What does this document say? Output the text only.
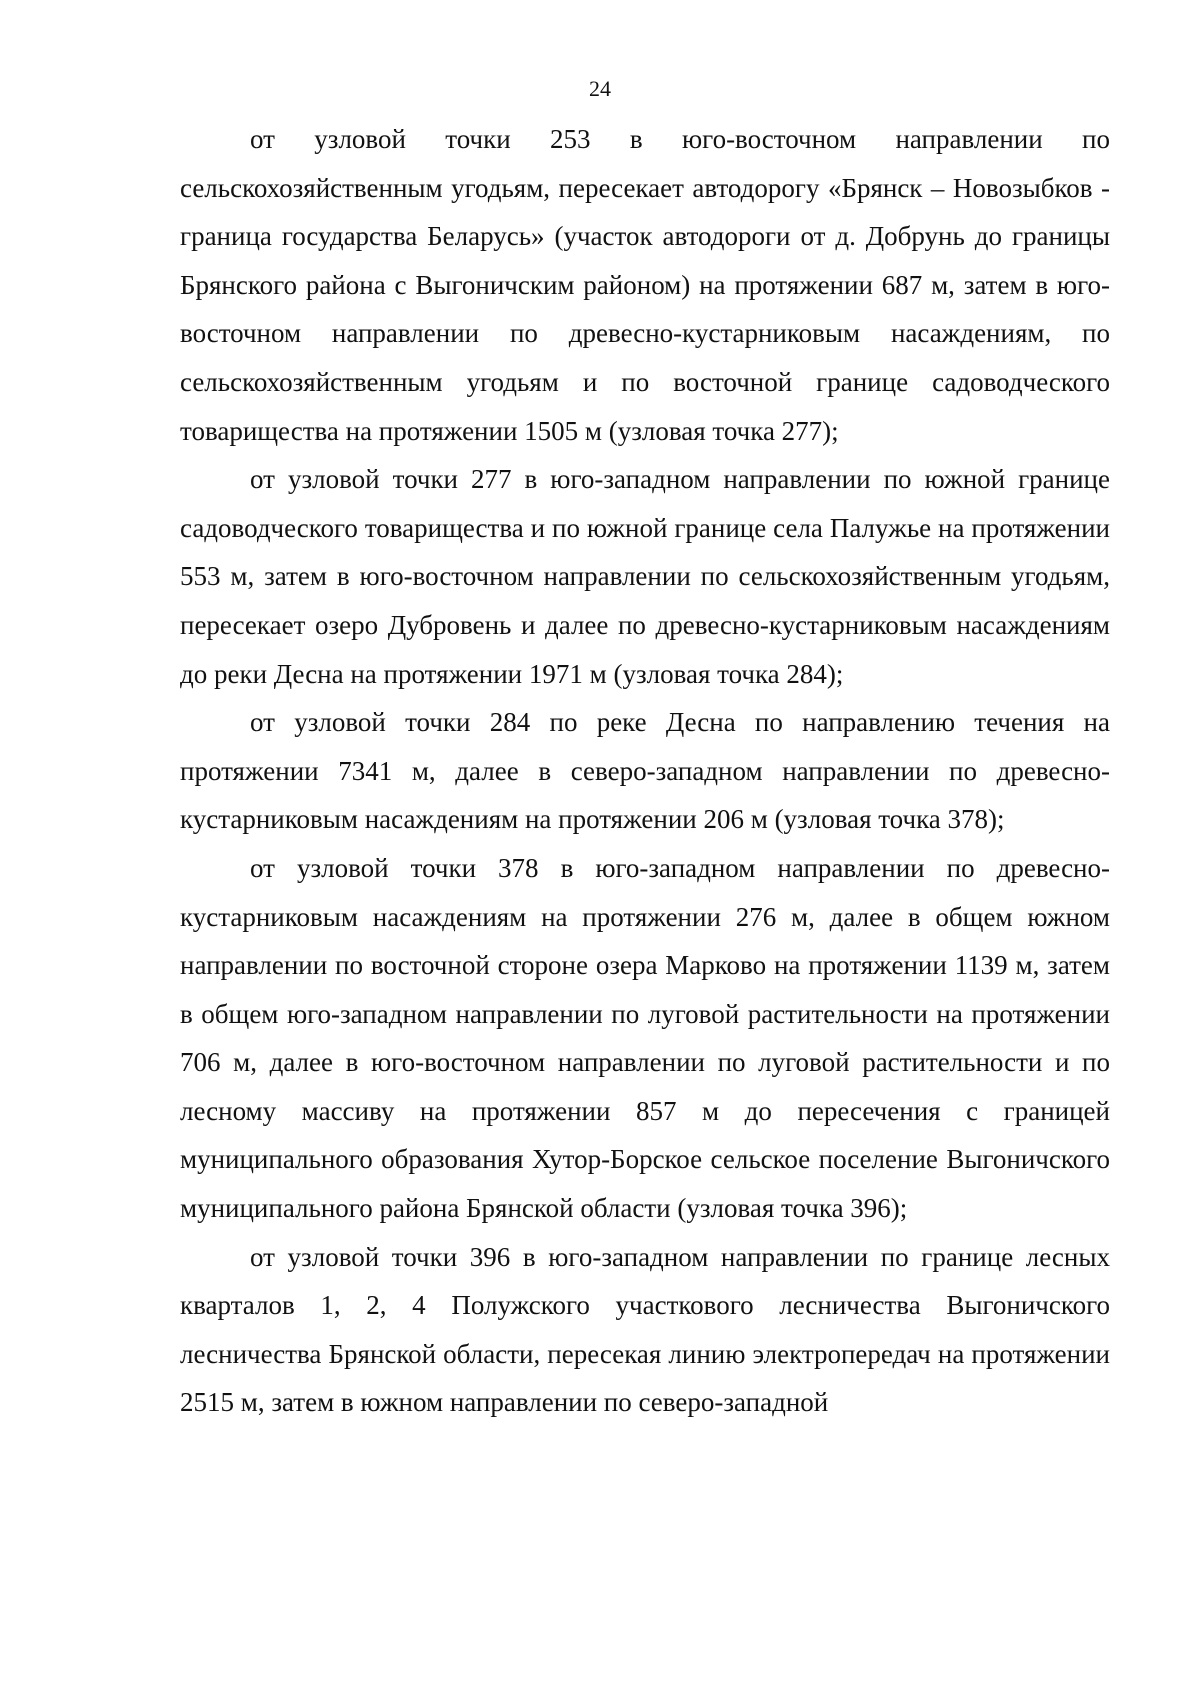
24

от узловой точки 253 в юго-восточном направлении по сельскохозяйственным угодьям, пересекает автодорогу «Брянск – Новозыбков - граница государства Беларусь» (участок автодороги от д. Добрунь до границы Брянского района с Выгоничским районом) на протяжении 687 м, затем в юго-восточном направлении по древесно-кустарниковым насаждениям, по сельскохозяйственным угодьям и по восточной границе садоводческого товарищества на протяжении 1505 м (узловая точка 277);

от узловой точки 277 в юго-западном направлении по южной границе садоводческого товарищества и по южной границе села Палужье на протяжении 553 м, затем в юго-восточном направлении по сельскохозяйственным угодьям, пересекает озеро Дубровень и далее по древесно-кустарниковым насаждениям до реки Десна на протяжении 1971 м (узловая точка 284);

от узловой точки 284 по реке Десна по направлению течения на протяжении 7341 м, далее в северо-западном направлении по древесно-кустарниковым насаждениям на протяжении 206 м (узловая точка 378);

от узловой точки 378 в юго-западном направлении по древесно-кустарниковым насаждениям на протяжении 276 м, далее в общем южном направлении по восточной стороне озера Марково на протяжении 1139 м, затем в общем юго-западном направлении по луговой растительности на протяжении 706 м, далее в юго-восточном направлении по луговой растительности и по лесному массиву на протяжении 857 м до пересечения с границей муниципального образования Хутор-Борское сельское поселение Выгоничского муниципального района Брянской области (узловая точка 396);

от узловой точки 396 в юго-западном направлении по границе лесных кварталов 1, 2, 4 Полужского участкового лесничества Выгоничского лесничества Брянской области, пересекая линию электропередач на протяжении 2515 м, затем в южном направлении по северо-западной
